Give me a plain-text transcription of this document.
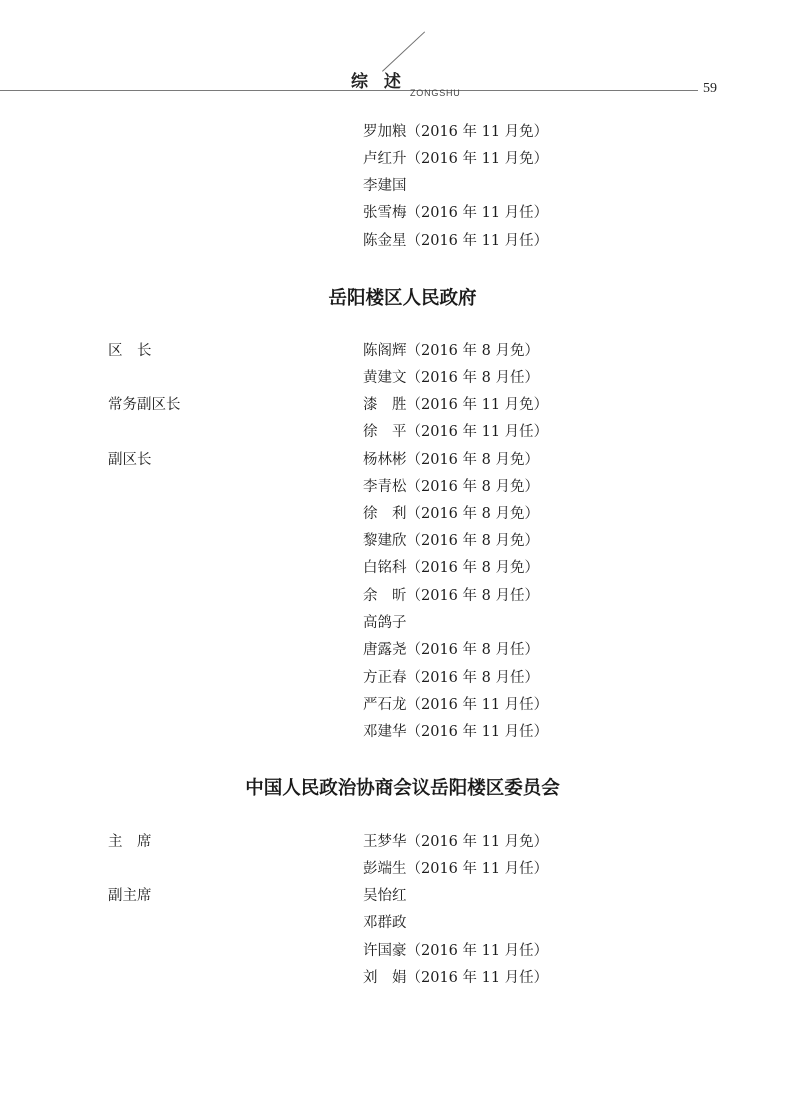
综 述
ZONGSHU	59
罗加粮（2016 年 11 月免）
卢红升（2016 年 11 月免）
李建国
张雪梅（2016 年 11 月任）
陈金星（2016 年 11 月任）
岳阳楼区人民政府
区　长	陈阁辉（2016 年 8 月免）
黄建文（2016 年 8 月任）
常务副区长	漆　胜（2016 年 11 月免）
徐　平（2016 年 11 月任）
副区长	杨林彬（2016 年 8 月免）
李青松（2016 年 8 月免）
徐　利（2016 年 8 月免）
黎建欣（2016 年 8 月免）
白铭科（2016 年 8 月免）
余　昕（2016 年 8 月任）
高鸽子
唐露尧（2016 年 8 月任）
方正春（2016 年 8 月任）
严石龙（2016 年 11 月任）
邓建华（2016 年 11 月任）
中国人民政治协商会议岳阳楼区委员会
主　席	王梦华（2016 年 11 月免）
彭端生（2016 年 11 月任）
副主席	吴怡红
邓群政
许国豪（2016 年 11 月任）
刘　娟（2016 年 11 月任）
